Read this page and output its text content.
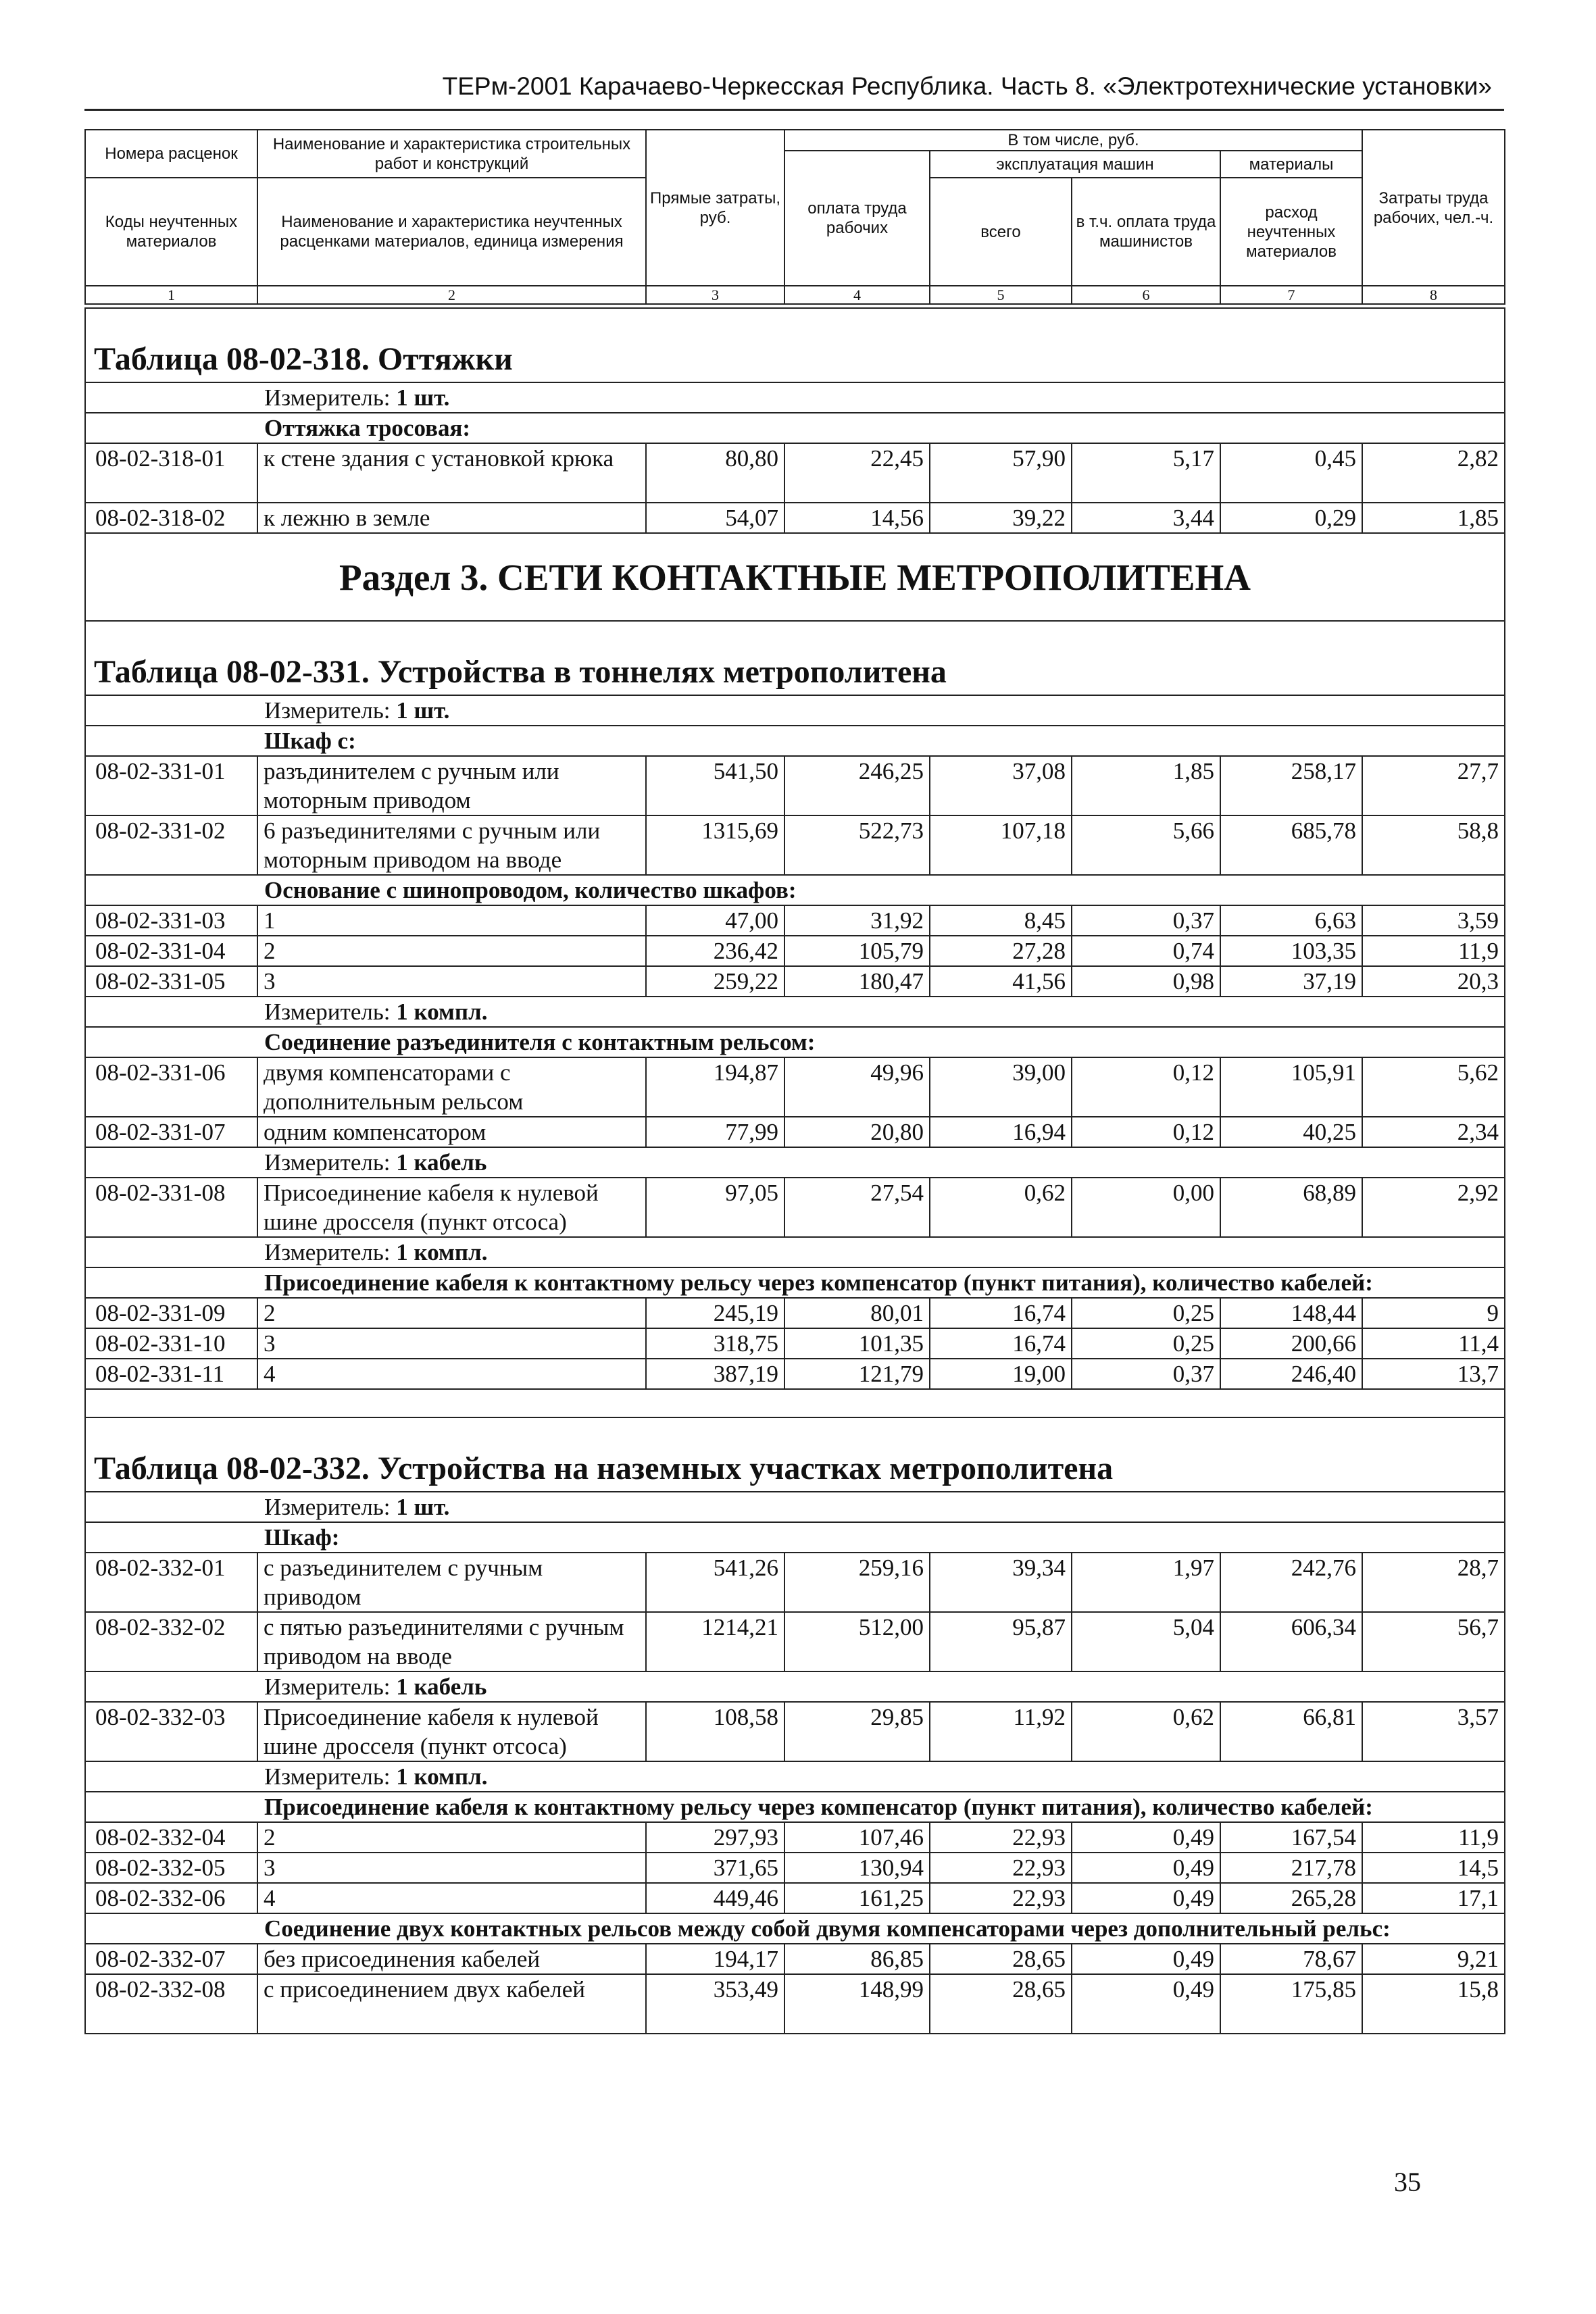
ТЕРм-2001 Карачаево-Черкесская Республика. Часть 8. «Электротехнические установки»
Номера расценок	Наименование и характеристика строительных работ и конструкций	Прямые затраты, руб.	В том числе, руб.				Затраты труда рабочих, чел.-ч.
			оплата труда рабочих	эксплуатация машин		материалы	
Коды неучтенных материалов	Наименование и характеристика неучтенных расценками материалов, единица измерения			всего	в т.ч. оплата труда машинистов	расход неучтенных материалов	

1	2	3	4	5	6	7	8
Таблица 08-02-318. Оттяжки							
Измеритель: 1 шт.							
Оттяжка тросовая:							
08-02-318-01	к стене здания с установкой крюка	80,80	22,45	57,90	5,17	0,45	2,82
08-02-318-02	к лежню в земле	54,07	14,56	39,22	3,44	0,29	1,85
Раздел 3. СЕТИ КОНТАКТНЫЕ МЕТРОПОЛИТЕНА							
Таблица 08-02-331. Устройства в тоннелях метрополитена							
Измеритель: 1 шт.							
Шкаф с:							
08-02-331-01	разъдинителем с ручным или моторным приводом	541,50	246,25	37,08	1,85	258,17	27,7
08-02-331-02	6 разъединителями с ручным или моторным приводом на вводе	1315,69	522,73	107,18	5,66	685,78	58,8
Основание с шинопроводом, количество шкафов:							
08-02-331-03	1	47,00	31,92	8,45	0,37	6,63	3,59
08-02-331-04	2	236,42	105,79	27,28	0,74	103,35	11,9
08-02-331-05	3	259,22	180,47	41,56	0,98	37,19	20,3
Измеритель: 1 компл.							
Соединение разъединителя с контактным рельсом:							
08-02-331-06	двумя компенсаторами с дополнительным рельсом	194,87	49,96	39,00	0,12	105,91	5,62
08-02-331-07	одним компенсатором	77,99	20,80	16,94	0,12	40,25	2,34
Измеритель: 1 кабель							
08-02-331-08	Присоединение кабеля к нулевой шине дросселя (пункт отсоса)	97,05	27,54	0,62	0,00	68,89	2,92
Измеритель: 1 компл.							
Присоединение кабеля к контактному рельсу через компенсатор (пункт питания), количество кабелей:							
08-02-331-09	2	245,19	80,01	16,74	0,25	148,44	9
08-02-331-10	3	318,75	101,35	16,74	0,25	200,66	11,4
08-02-331-11	4	387,19	121,79	19,00	0,37	246,40	13,7

Таблица 08-02-332. Устройства на наземных участках метрополитена							
Измеритель: 1 шт.							
Шкаф:							
08-02-332-01	с разъединителем с ручным приводом	541,26	259,16	39,34	1,97	242,76	28,7
08-02-332-02	с пятью разъединителями с ручным приводом на вводе	1214,21	512,00	95,87	5,04	606,34	56,7
Измеритель: 1 кабель							
08-02-332-03	Присоединение кабеля к нулевой шине дросселя (пункт отсоса)	108,58	29,85	11,92	0,62	66,81	3,57
Измеритель: 1 компл.							
Присоединение кабеля к контактному рельсу через компенсатор (пункт питания), количество кабелей:							
08-02-332-04	2	297,93	107,46	22,93	0,49	167,54	11,9
08-02-332-05	3	371,65	130,94	22,93	0,49	217,78	14,5
08-02-332-06	4	449,46	161,25	22,93	0,49	265,28	17,1
Соединение двух контактных рельсов между собой двумя компенсаторами через дополнительный рельс:							
08-02-332-07	без присоединения кабелей	194,17	86,85	28,65	0,49	78,67	9,21
08-02-332-08	с присоединением двух кабелей	353,49	148,99	28,65	0,49	175,85	15,8
35
